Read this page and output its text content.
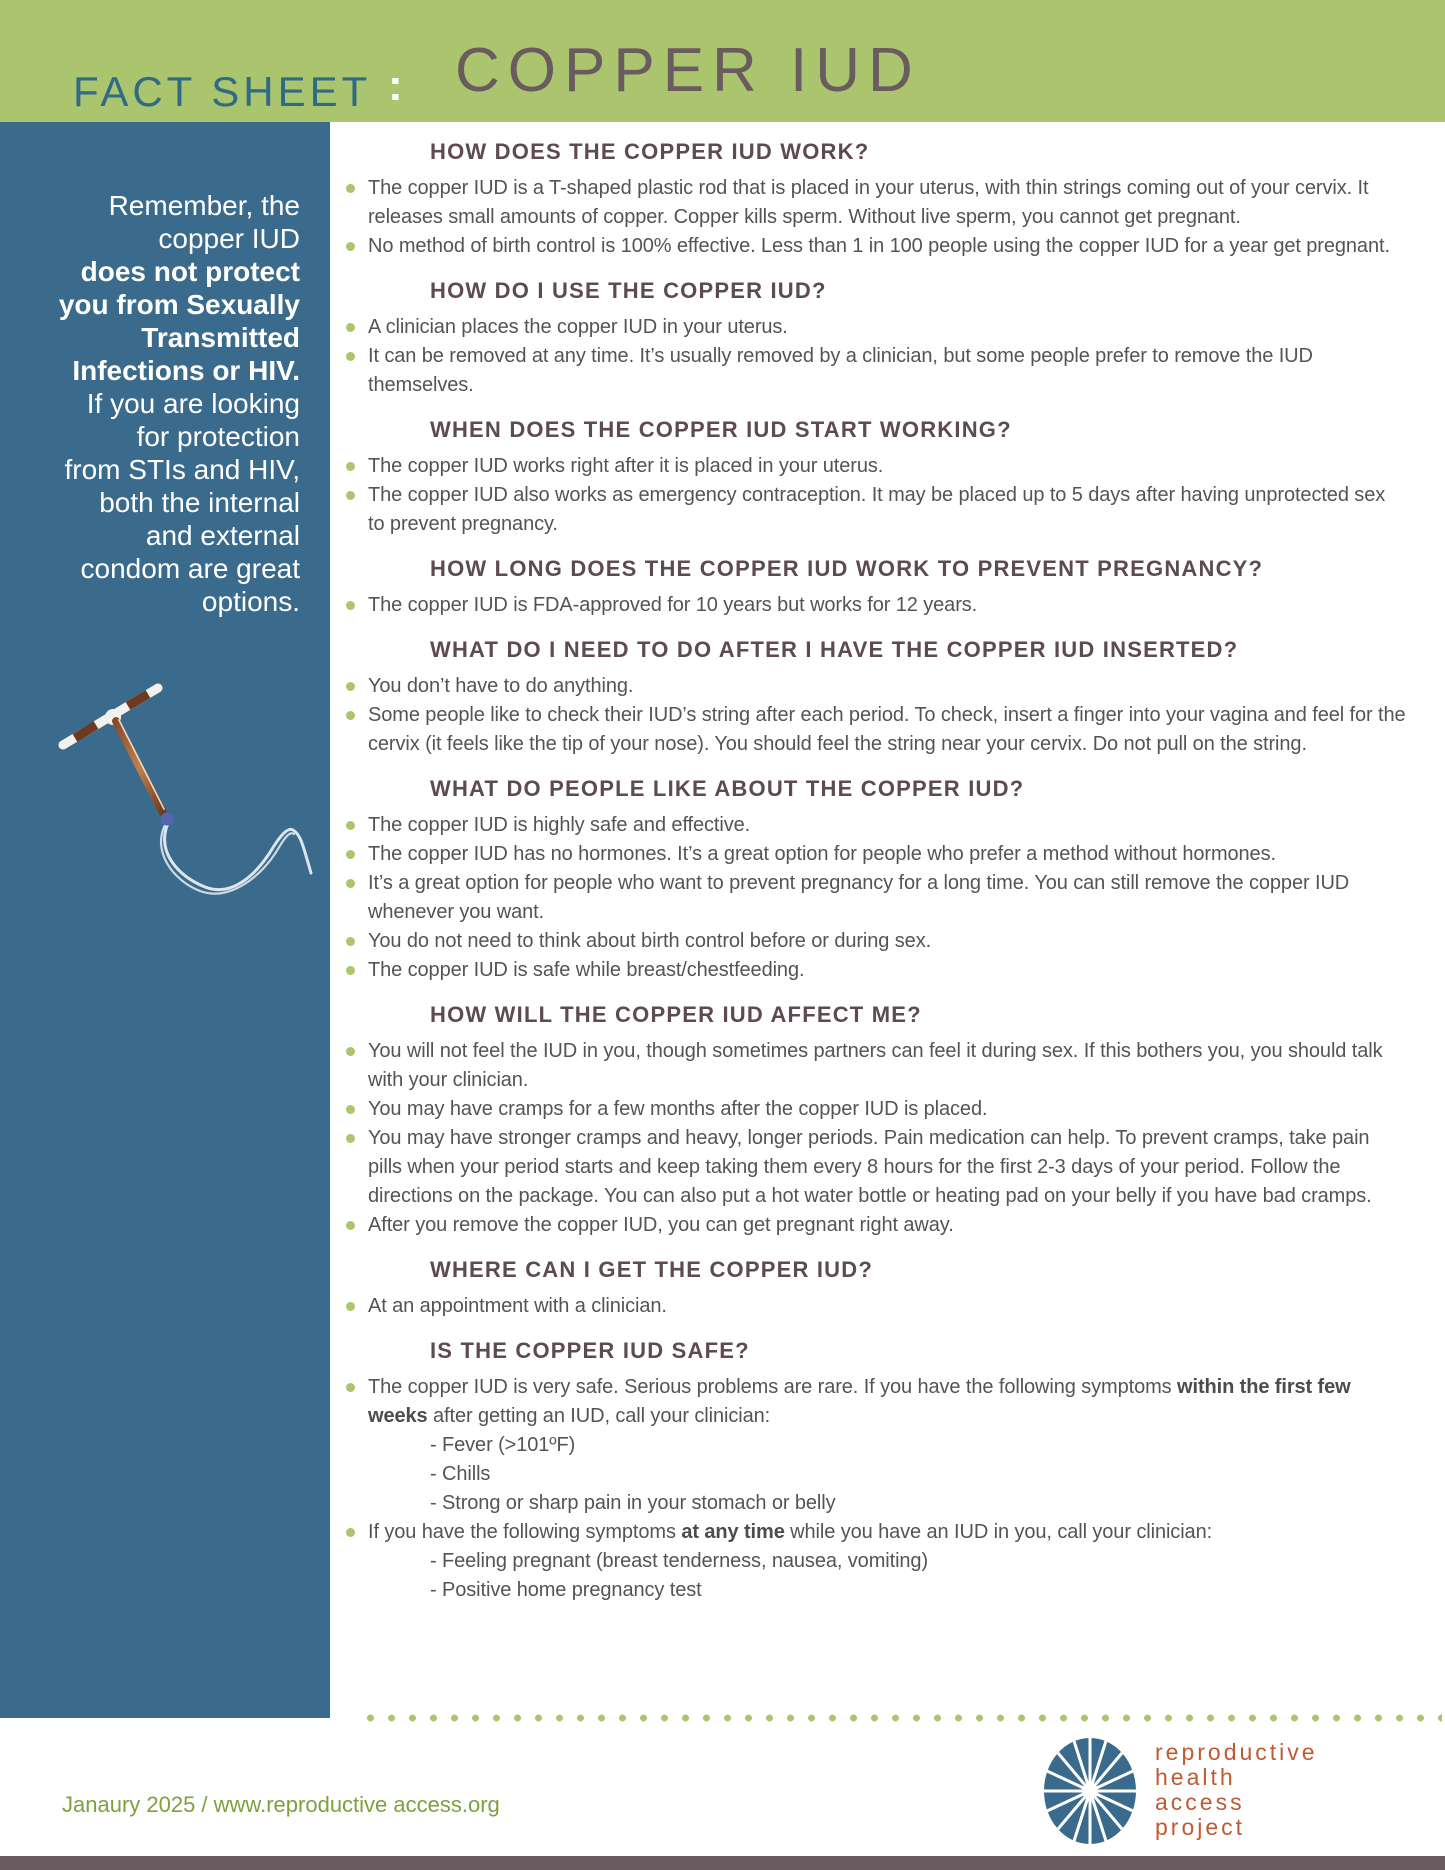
FACT SHEET : COPPER IUD
Remember, the
copper IUD
does not protect
you from Sexually
Transmitted
Infections or HIV.
If you are looking
for protection
from STIs and HIV,
both the internal
and external
condom are great
options.
HOW DOES THE COPPER IUD WORK?
The copper IUD is a T-shaped plastic rod that is placed in your uterus, with thin strings coming out of your cervix. It releases small amounts of copper. Copper kills sperm. Without live sperm, you cannot get pregnant.
No method of birth control is 100% effective. Less than 1 in 100 people using the copper IUD for a year get pregnant.
HOW DO I USE THE COPPER IUD?
A clinician places the copper IUD in your uterus.
It can be removed at any time. It’s usually removed by a clinician, but some people prefer to remove the IUD themselves.
WHEN DOES THE COPPER IUD START WORKING?
The copper IUD works right after it is placed in your uterus.
The copper IUD also works as emergency contraception. It may be placed up to 5 days after having unprotected sex to prevent pregnancy.
HOW LONG DOES THE COPPER IUD WORK TO PREVENT PREGNANCY?
The copper IUD is FDA-approved for 10 years but works for 12 years.
WHAT DO I NEED TO DO AFTER I HAVE THE COPPER IUD INSERTED?
You don’t have to do anything.
Some people like to check their IUD’s string after each period. To check, insert a finger into your vagina and feel for the cervix (it feels like the tip of your nose). You should feel the string near your cervix. Do not pull on the string.
WHAT DO PEOPLE LIKE ABOUT THE COPPER IUD?
The copper IUD is highly safe and effective.
The copper IUD has no hormones. It’s a great option for people who prefer a method without hormones.
It’s a great option for people who want to prevent pregnancy for a long time. You can still remove the copper IUD whenever you want.
You do not need to think about birth control before or during sex.
The copper IUD is safe while breast/chestfeeding.
HOW WILL THE COPPER IUD AFFECT ME?
You will not feel the IUD in you, though sometimes partners can feel it during sex. If this bothers you, you should talk with your clinician.
You may have cramps for a few months after the copper IUD is placed.
You may have stronger cramps and heavy, longer periods. Pain medication can help. To prevent cramps, take pain pills when your period starts and keep taking them every 8 hours for the first 2-3 days of your period. Follow the directions on the package. You can also put a hot water bottle or heating pad on your belly if you have bad cramps.
After you remove the copper IUD, you can get pregnant right away.
WHERE CAN I GET THE COPPER IUD?
At an appointment with a clinician.
IS THE COPPER IUD SAFE?
The copper IUD is very safe. Serious problems are rare. If you have the following symptoms within the first few weeks after getting an IUD, call your clinician:
- Fever (>101ºF)
- Chills
- Strong or sharp pain in your stomach or belly
If you have the following symptoms at any time while you have an IUD in you, call your clinician:
- Feeling pregnant (breast tenderness, nausea, vomiting)
- Positive home pregnancy test
Janaury 2025 / www.reproductive access.org
reproductive
health
access
project
